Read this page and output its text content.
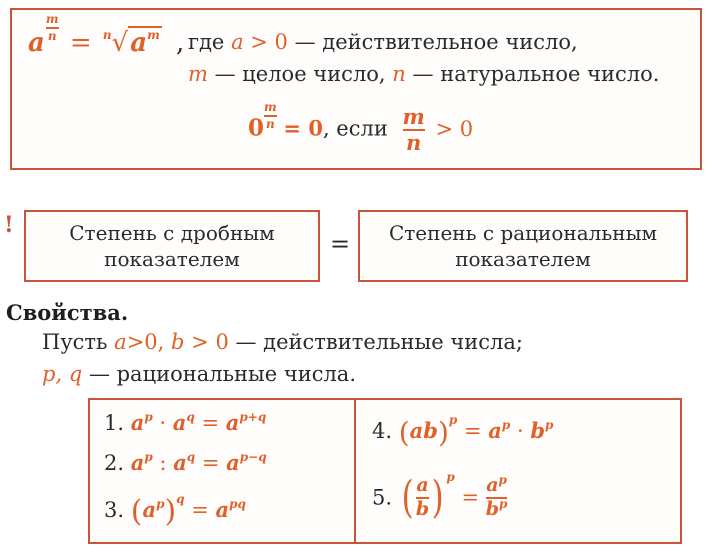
a $\frac{m}{n} = ^n√a^m$ , где a > 0 — действительное число,
m — целое число, n — натуральное число.
$0 \frac{m}{n} = 0$, если $\frac{m}{n} > 0$
!	Степень с дробным
показателем
= Степень с рациональным
показателем
Свойства.
Пусть a>0, b > 0 — действительные числа;
p, q — рациональные числа.
1. $a^p \cdot a^q = a^{p+q}$
2. $a^p$ : $a^q = a^{p-q}$
3. $(a^p)^q = a^{pq}$
4. $(ab)^p = a^p \cdot b^p$
5. ( $\frac{a}{b}$ ) $^p = \frac{a^p}{b^p}$
